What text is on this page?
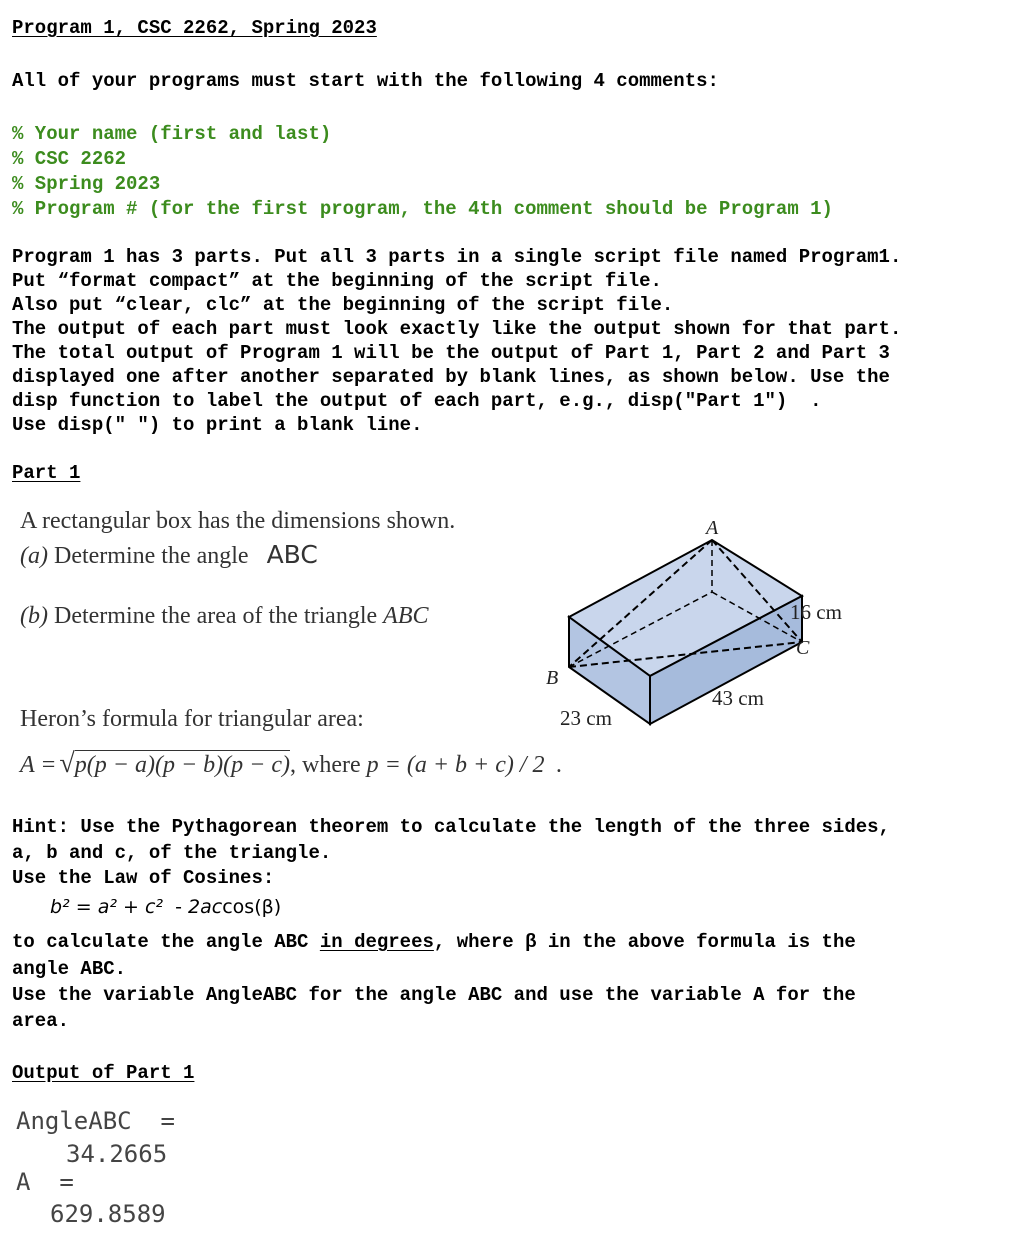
Program 1, CSC 2262, Spring 2023
All of your programs must start with the following 4 comments:
% Your name (first and last)
% CSC 2262
% Spring 2023
% Program # (for the first program, the 4th comment should be Program 1)
Program 1 has 3 parts. Put all 3 parts in a single script file named Program1.
Put “format compact” at the beginning of the script file.
Also put “clear, clc” at the beginning of the script file.
The output of each part must look exactly like the output shown for that part.
The total output of Program 1 will be the output of Part 1, Part 2 and Part 3
displayed one after another separated by blank lines, as shown below. Use the
disp function to label the output of each part, e.g., disp("Part 1")  .
Use disp(" ") to print a blank line.
Part 1
A rectangular box has the dimensions shown.
(a) Determine the angle ABC
(b) Determine the area of the triangle ABC
Heron’s formula for triangular area:
A = √p(p − a)(p − b)(p − c), where p = (a + b + c) / 2  .
A
B
C
16 cm
43 cm
23 cm
Hint: Use the Pythagorean theorem to calculate the length of the three sides,
a, b and c, of the triangle.
Use the Law of Cosines:
b² = a² + c²  - 2accos(β)
to calculate the angle ABC in degrees, where β in the above formula is the
angle ABC.
Use the variable AngleABC for the angle ABC and use the variable A for the
area.
Output of Part 1
AngleABC  =
34.2665
A  =
629.8589
